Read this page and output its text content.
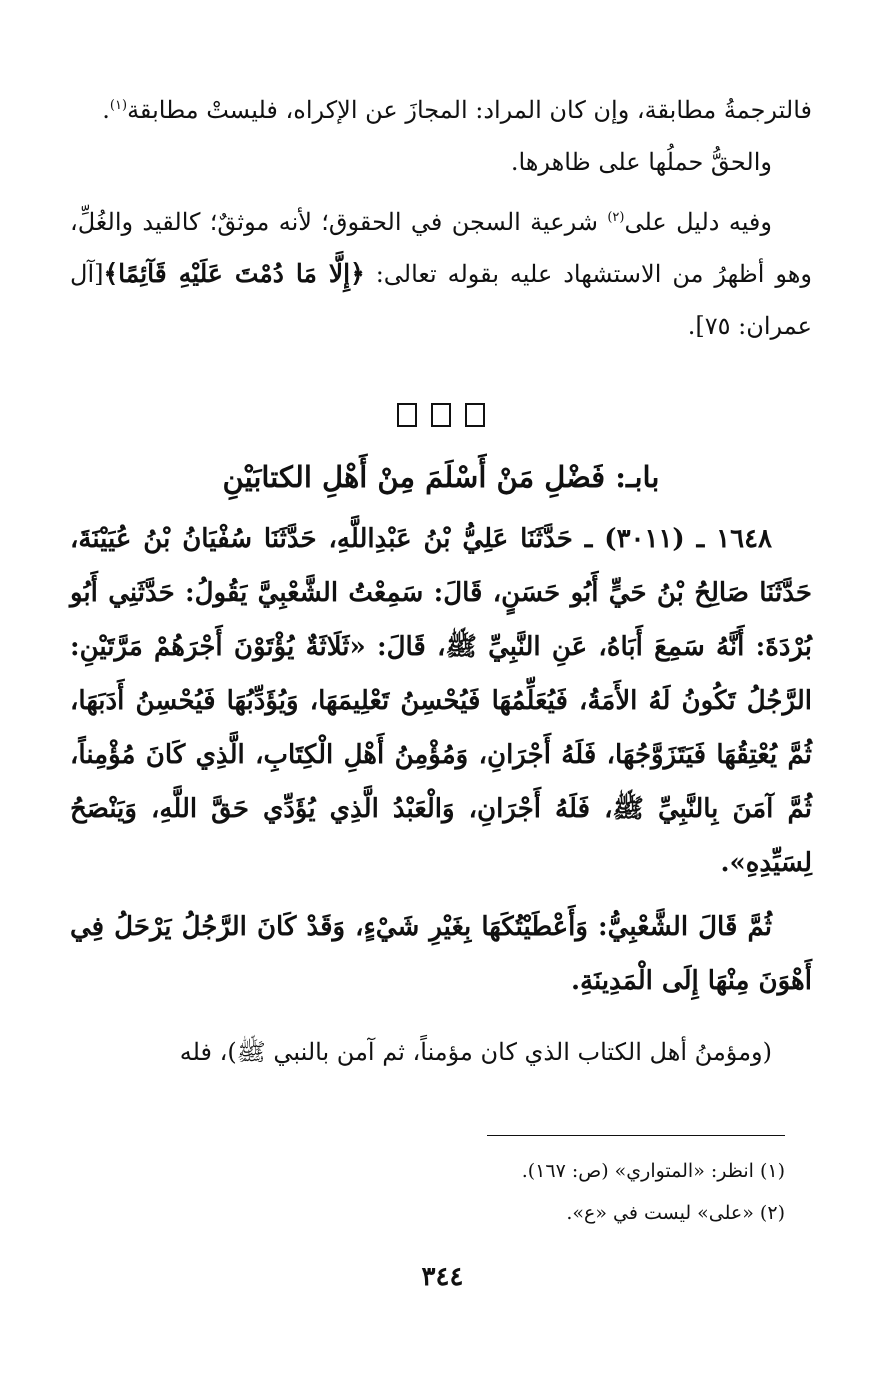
فالترجمةُ مطابقة، وإن كان المراد: المجازَ عن الإكراه، فليستْ مطابقة$^{(١)}$.

والحقُّ حملُها على ظاهرها.

وفيه دليل على$^{(٢)}$ شرعية السجن في الحقوق؛ لأنه موثقٌ؛ كالقيد والغُلِّ، وهو أظهرُ من الاستشهاد عليه بقوله تعالى: ﴿إِلَّا مَا دُمْتَ عَلَيْهِ قَآئِمًا﴾[آل عمران: ٧٥].

بابـ: فَضْلِ مَنْ أَسْلَمَ مِنْ أَهْلِ الكتابَيْنِ

١٦٤٨ ـ (٣٠١١) ـ حَدَّثَنَا عَلِيُّ بْنُ عَبْدِاللَّهِ، حَدَّثَنَا سُفْيَانُ بْنُ عُيَيْنَةَ، حَدَّثَنَا صَالِحُ بْنُ حَيٍّ أَبُو حَسَنٍ، قَالَ: سَمِعْتُ الشَّعْبِيَّ يَقُولُ: حَدَّثَنِي أَبُو بُرْدَةَ: أَنَّهُ سَمِعَ أَبَاهُ، عَنِ النَّبِيِّ ﷺ، قَالَ: «ثَلَاثَةٌ يُؤْتَوْنَ أَجْرَهُمْ مَرَّتَيْنِ: الرَّجُلُ تَكُونُ لَهُ الأَمَةُ، فَيُعَلِّمُهَا فَيُحْسِنُ تَعْلِيمَهَا، وَيُؤَدِّبُهَا فَيُحْسِنُ أَدَبَهَا، ثُمَّ يُعْتِقُهَا فَيَتَزَوَّجُهَا، فَلَهُ أَجْرَانِ، وَمُؤْمِنُ أَهْلِ الْكِتَابِ، الَّذِي كَانَ مُؤْمِناً، ثُمَّ آمَنَ بِالنَّبِيِّ ﷺ، فَلَهُ أَجْرَانِ، وَالْعَبْدُ الَّذِي يُؤَدِّي حَقَّ اللَّهِ، وَيَنْصَحُ لِسَيِّدِهِ».

ثُمَّ قَالَ الشَّعْبِيُّ: وَأَعْطَيْتُكَهَا بِغَيْرِ شَيْءٍ، وَقَدْ كَانَ الرَّجُلُ يَرْحَلُ فِي أَهْوَنَ مِنْهَا إِلَى الْمَدِينَةِ.

(ومؤمنُ أهل الكتاب الذي كان مؤمناً، ثم آمن بالنبي ﷺ)، فله

(١) انظر: «المتواري» (ص: ١٦٧).

(٢) «على» ليست في «ع».

٣٤٤
